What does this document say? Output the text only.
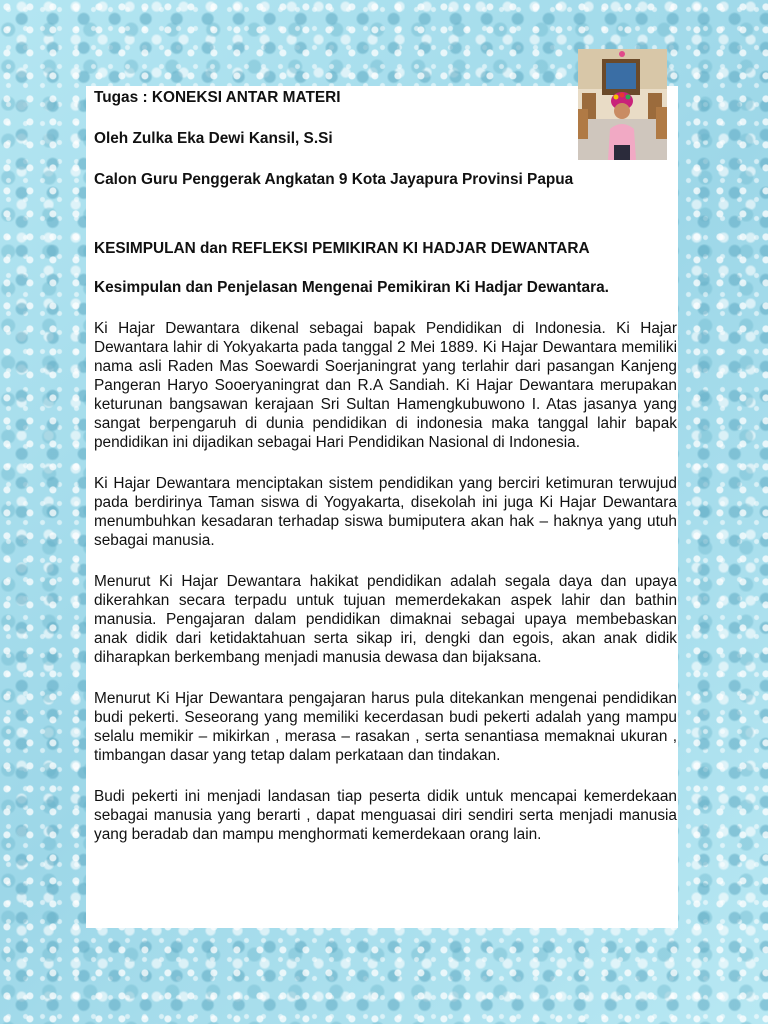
Tugas : KONEKSI ANTAR MATERI

Oleh Zulka Eka Dewi Kansil, S.Si

Calon Guru Penggerak Angkatan 9 Kota Jayapura Provinsi Papua

KESIMPULAN dan REFLEKSI PEMIKIRAN KI HADJAR DEWANTARA

Kesimpulan dan Penjelasan Mengenai Pemikiran Ki Hadjar Dewantara.

Ki Hajar Dewantara dikenal sebagai bapak Pendidikan di Indonesia. Ki Hajar Dewantara lahir di Yokyakarta pada tanggal 2 Mei 1889. Ki Hajar Dewantara memiliki nama asli Raden Mas Soewardi Soerjaningrat yang terlahir dari pasangan Kanjeng Pangeran Haryo Sooeryaningrat dan R.A Sandiah. Ki Hajar Dewantara merupakan keturunan bangsawan kerajaan Sri Sultan Hamengkubuwono I. Atas jasanya yang sangat berpengaruh di dunia pendidikan di indonesia maka tanggal lahir bapak pendidikan ini dijadikan sebagai Hari Pendidikan Nasional di Indonesia.

Ki Hajar Dewantara menciptakan sistem pendidikan yang berciri ketimuran terwujud pada berdirinya Taman siswa di Yogyakarta, disekolah ini juga Ki Hajar Dewantara menumbuhkan kesadaran terhadap siswa bumiputera akan hak – haknya yang utuh sebagai manusia.

Menurut Ki Hajar Dewantara hakikat pendidikan adalah segala daya dan upaya dikerahkan secara terpadu untuk tujuan memerdekakan aspek lahir dan bathin manusia. Pengajaran dalam pendidikan dimaknai sebagai upaya membebaskan anak didik dari ketidaktahuan serta sikap iri, dengki dan egois, akan anak didik diharapkan berkembang menjadi manusia dewasa dan bijaksana.

Menurut Ki Hjar Dewantara pengajaran harus pula ditekankan mengenai pendidikan budi pekerti. Seseorang yang memiliki kecerdasan budi pekerti adalah yang mampu selalu memikir – mikirkan , merasa – rasakan , serta senantiasa memaknai ukuran , timbangan dasar yang tetap dalam perkataan dan tindakan.

Budi pekerti ini menjadi landasan tiap peserta didik untuk mencapai kemerdekaan sebagai manusia yang berarti , dapat menguasai diri sendiri serta menjadi manusia yang beradab dan mampu menghormati kemerdekaan orang lain.
